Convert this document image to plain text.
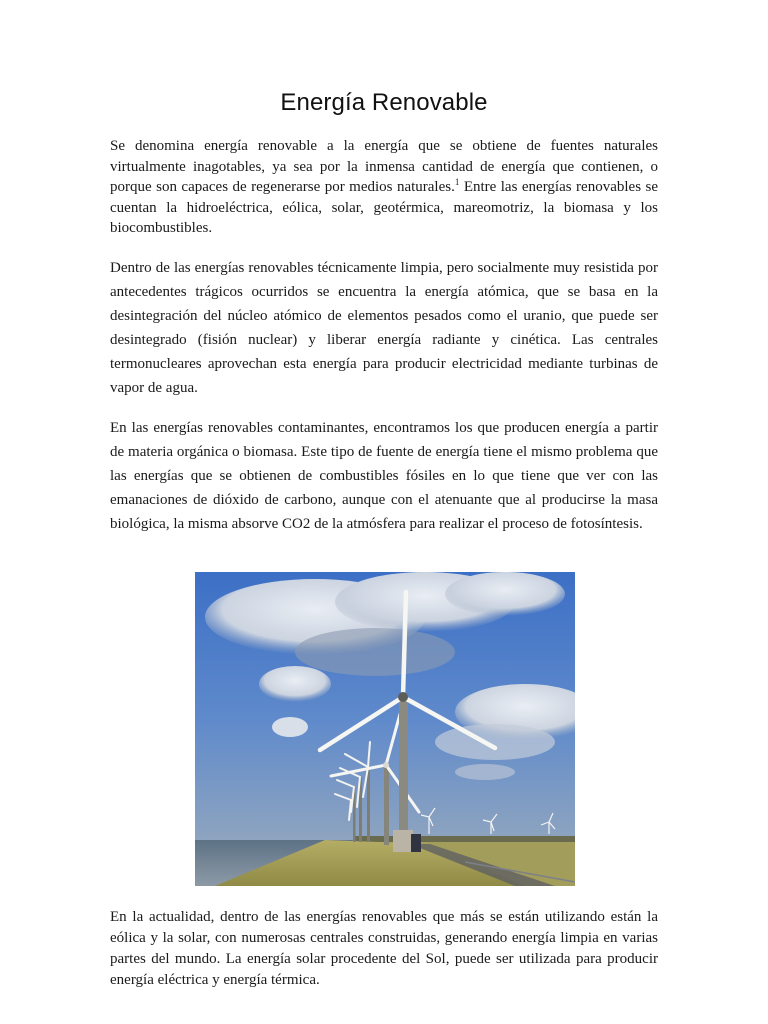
Energía Renovable

Se denomina energía renovable a la energía que se obtiene de fuentes naturales virtualmente inagotables, ya sea por la inmensa cantidad de energía que contienen, o porque son capaces de regenerarse por medios naturales.$^1$ Entre las energías renovables se cuentan la hidroeléctrica, eólica, solar, geotérmica, mareomotriz, la biomasa y los biocombustibles.

Dentro de las energías renovables técnicamente limpia, pero socialmente muy resistida por antecedentes trágicos ocurridos se encuentra la energía atómica, que se basa en la desintegración del núcleo atómico de elementos pesados como el uranio, que puede ser desintegrado (fisión nuclear) y liberar energía radiante y cinética. Las centrales termonucleares aprovechan esta energía para producir electricidad mediante turbinas de vapor de agua.

En las energías renovables contaminantes, encontramos los que producen energía a partir de materia orgánica o biomasa. Este tipo de fuente de energía tiene el mismo problema que las energías que se obtienen de combustibles fósiles en lo que tiene que ver con las emanaciones de dióxido de carbono, aunque con el atenuante que al producirse la masa biológica, la misma absorve CO2 de la atmósfera para realizar el proceso de fotosíntesis.

En la actualidad, dentro de las energías renovables que más se están utilizando están la eólica y la solar, con numerosas centrales construidas, generando energía limpia en varias partes del mundo. La energía solar procedente del Sol, puede ser utilizada para producir energía eléctrica y energía térmica.
